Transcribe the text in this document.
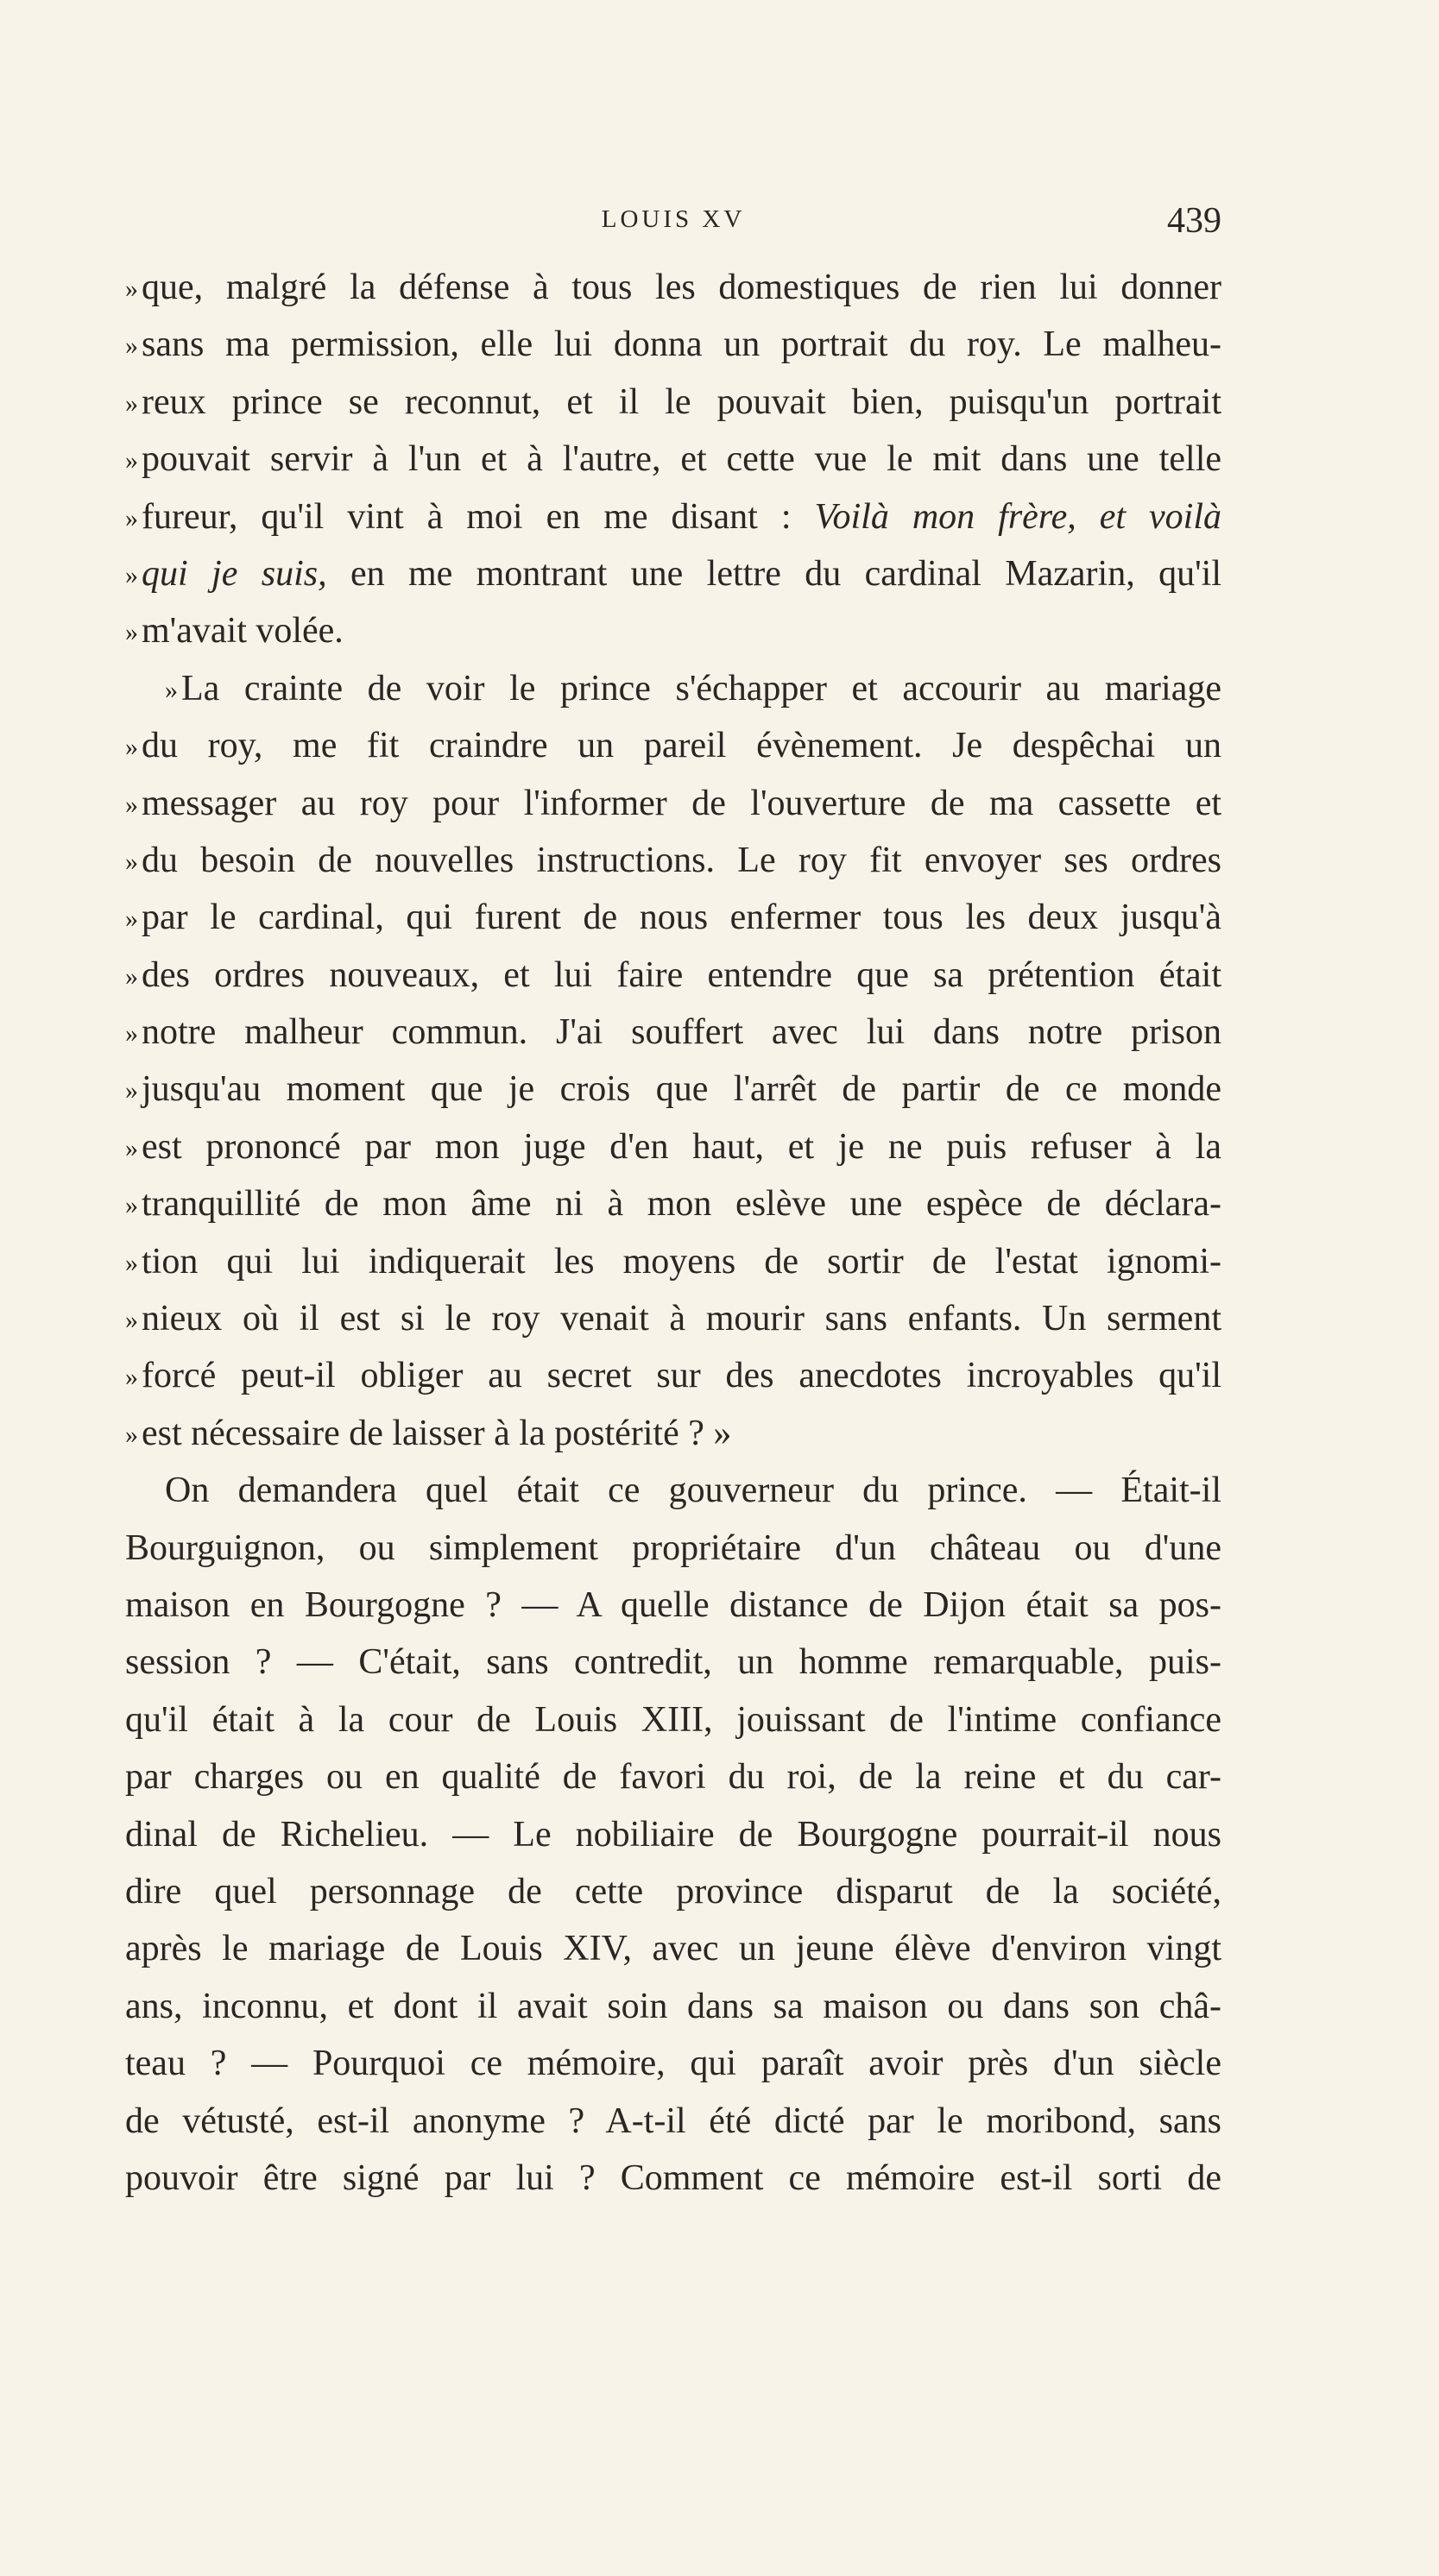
LOUIS XV	439
»que, malgré la défense à tous les domestiques de rien lui donner
»sans ma permission, elle lui donna un portrait du roy. Le malheu-
»reux prince se reconnut, et il le pouvait bien, puisqu'un portrait
»pouvait servir à l'un et à l'autre, et cette vue le mit dans une telle
»fureur, qu'il vint à moi en me disant : Voilà mon frère, et voilà
»qui je suis, en me montrant une lettre du cardinal Mazarin, qu'il
»m'avait volée.
»La crainte de voir le prince s'échapper et accourir au mariage
»du roy, me fit craindre un pareil évènement. Je despêchai un
»messager au roy pour l'informer de l'ouverture de ma cassette et
»du besoin de nouvelles instructions. Le roy fit envoyer ses ordres
»par le cardinal, qui furent de nous enfermer tous les deux jusqu'à
»des ordres nouveaux, et lui faire entendre que sa prétention était
»notre malheur commun. J'ai souffert avec lui dans notre prison
»jusqu'au moment que je crois que l'arrêt de partir de ce monde
»est prononcé par mon juge d'en haut, et je ne puis refuser à la
»tranquillité de mon âme ni à mon eslève une espèce de déclara-
»tion qui lui indiquerait les moyens de sortir de l'estat ignomi-
»nieux où il est si le roy venait à mourir sans enfants. Un serment
»forcé peut-il obliger au secret sur des anecdotes incroyables qu'il
»est nécessaire de laisser à la postérité ? »
On demandera quel était ce gouverneur du prince. — Était-il
Bourguignon, ou simplement propriétaire d'un château ou d'une
maison en Bourgogne ? — A quelle distance de Dijon était sa pos-
session ? — C'était, sans contredit, un homme remarquable, puis-
qu'il était à la cour de Louis XIII, jouissant de l'intime confiance
par charges ou en qualité de favori du roi, de la reine et du car-
dinal de Richelieu. — Le nobiliaire de Bourgogne pourrait-il nous
dire quel personnage de cette province disparut de la société,
après le mariage de Louis XIV, avec un jeune élève d'environ vingt
ans, inconnu, et dont il avait soin dans sa maison ou dans son châ-
teau ? — Pourquoi ce mémoire, qui paraît avoir près d'un siècle
de vétusté, est-il anonyme ? A-t-il été dicté par le moribond, sans
pouvoir être signé par lui ? Comment ce mémoire est-il sorti de
